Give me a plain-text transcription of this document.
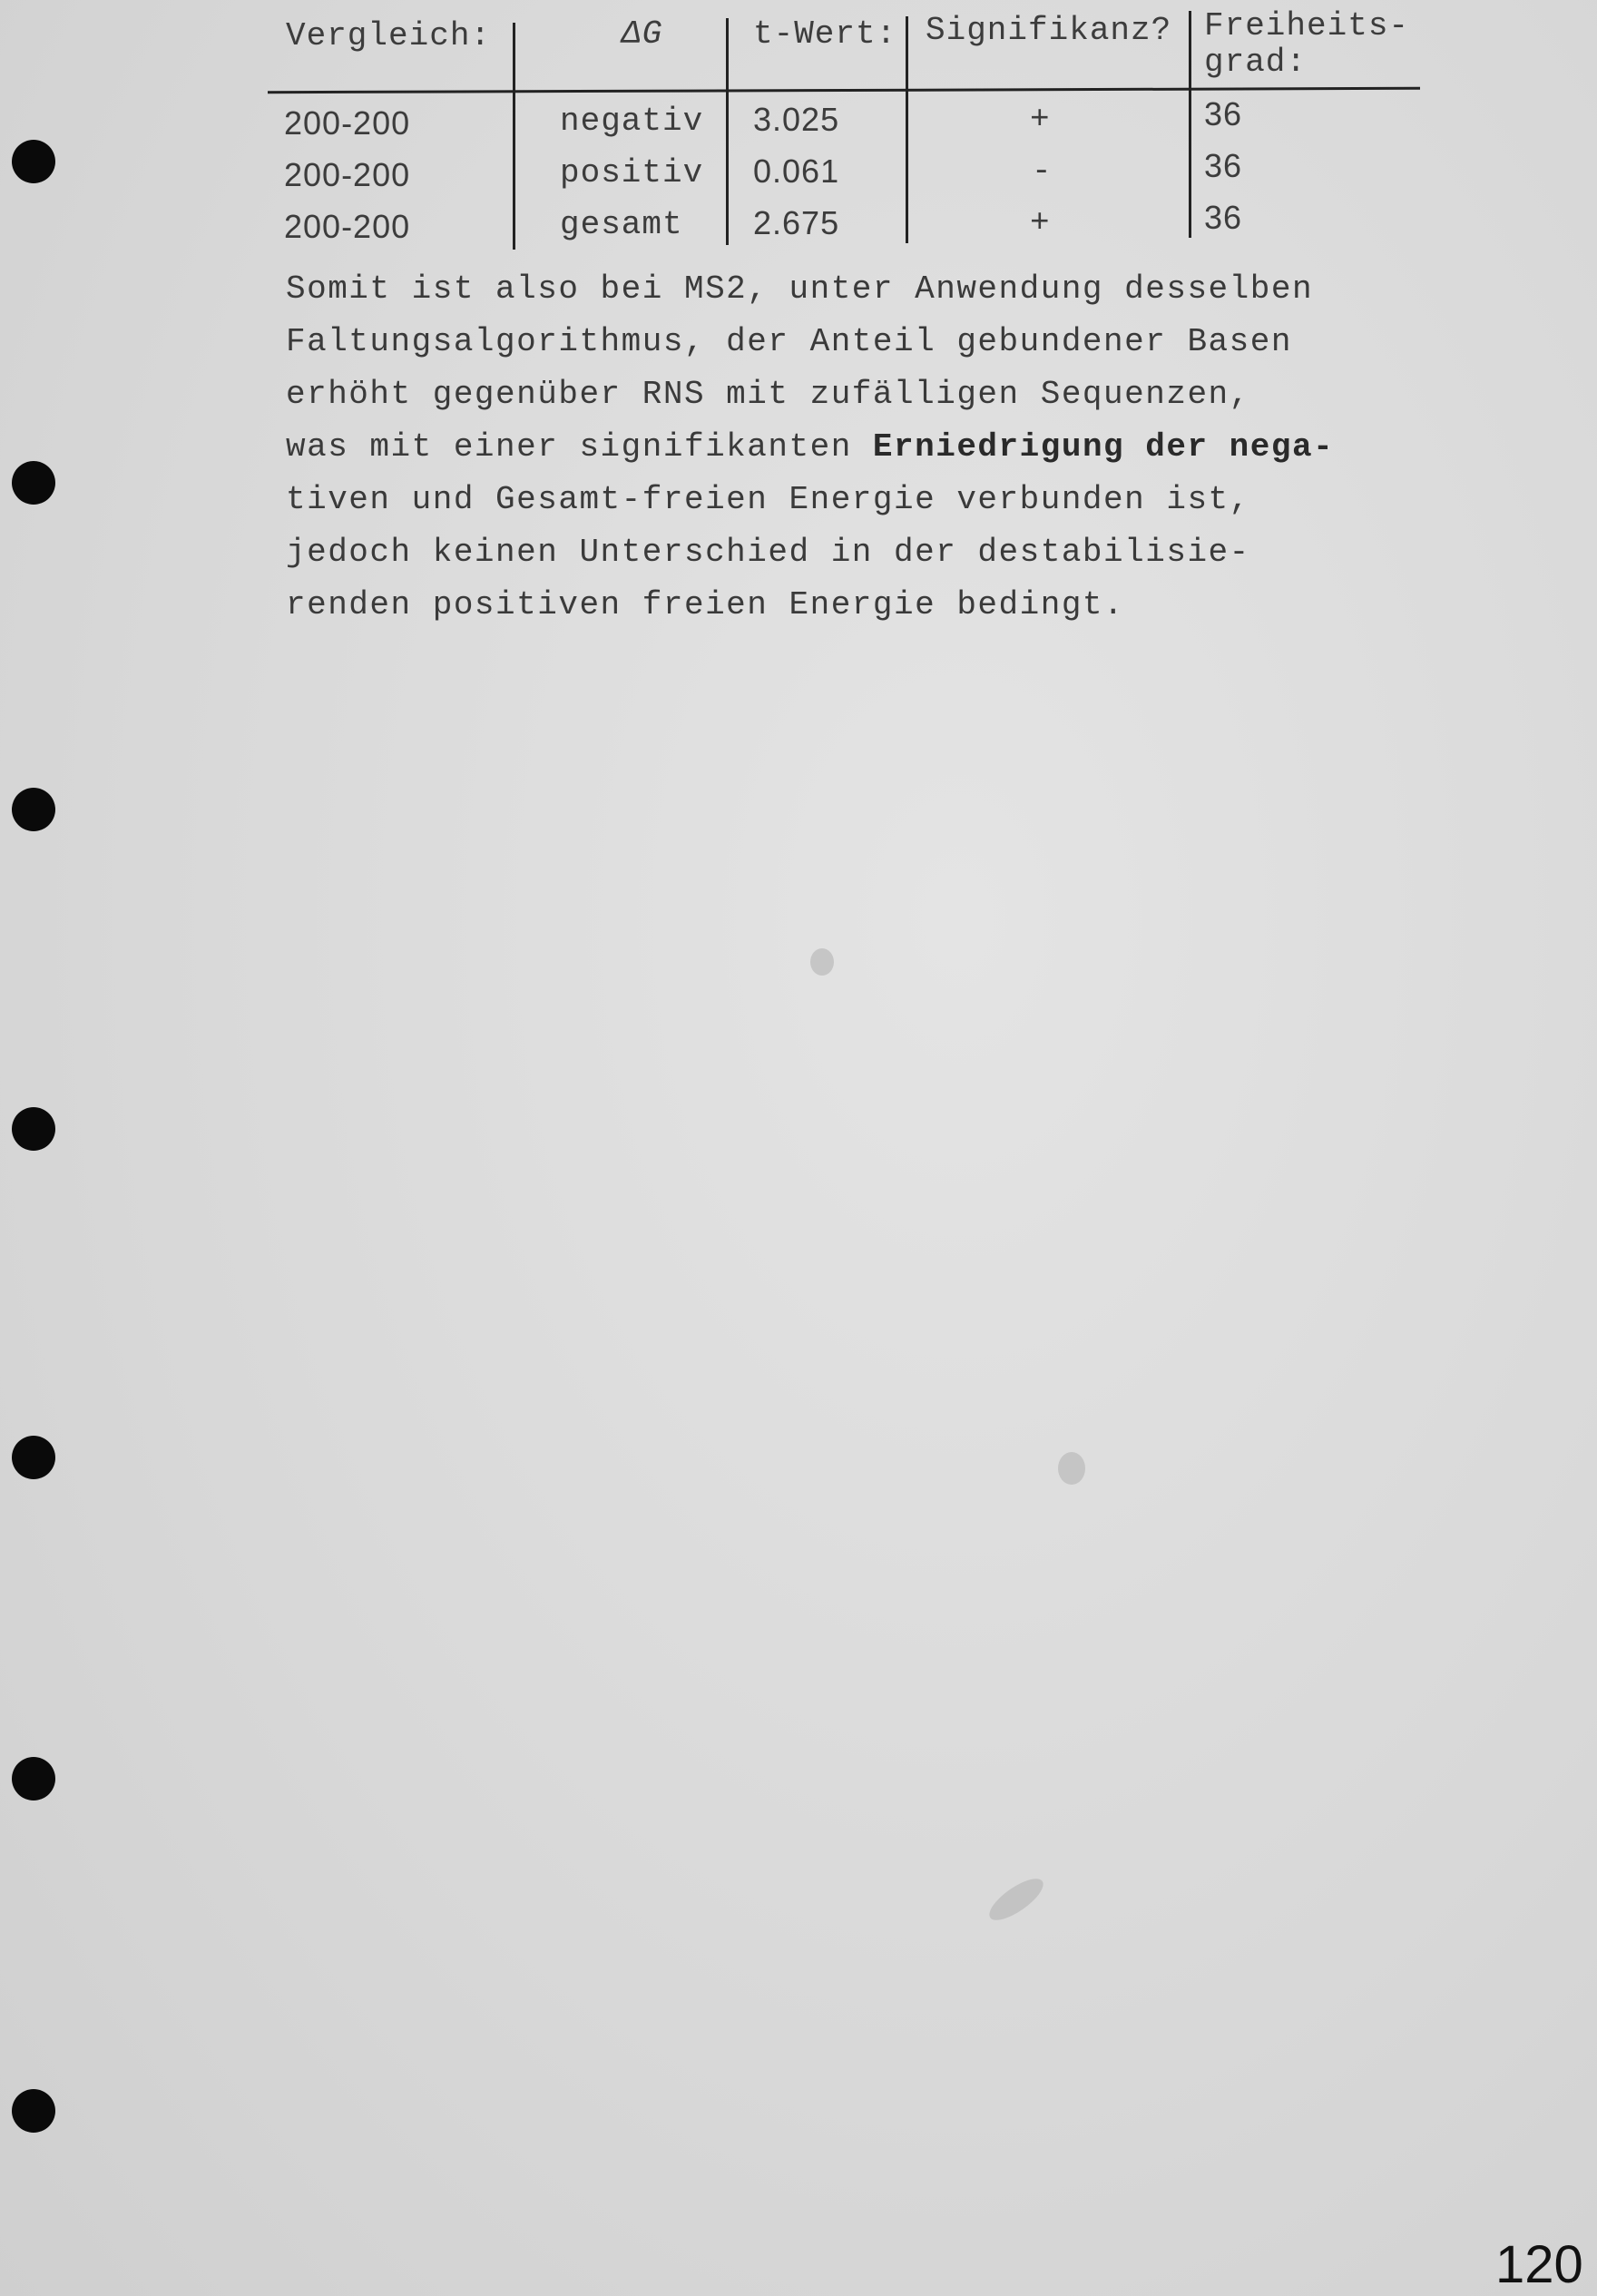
Vergleich:	ΔG	t-Wert: Signifikanz? Freiheits-
grad:
200-200	negativ 3.025	+	36
200-200	positiv 0.061	-	36
200-200	gesamt 2.675	+	36
Somit ist also bei MS2, unter Anwendung desselben
Faltungsalgorithmus, der Anteil gebundener Basen
erhöht gegenüber RNS mit zufälligen Sequenzen,
was mit einer signifikanten Erniedrigung der nega-
tiven und Gesamt-freien Energie verbunden ist,
jedoch keinen Unterschied in der destabilisie-
renden positiven freien Energie bedingt.
120
